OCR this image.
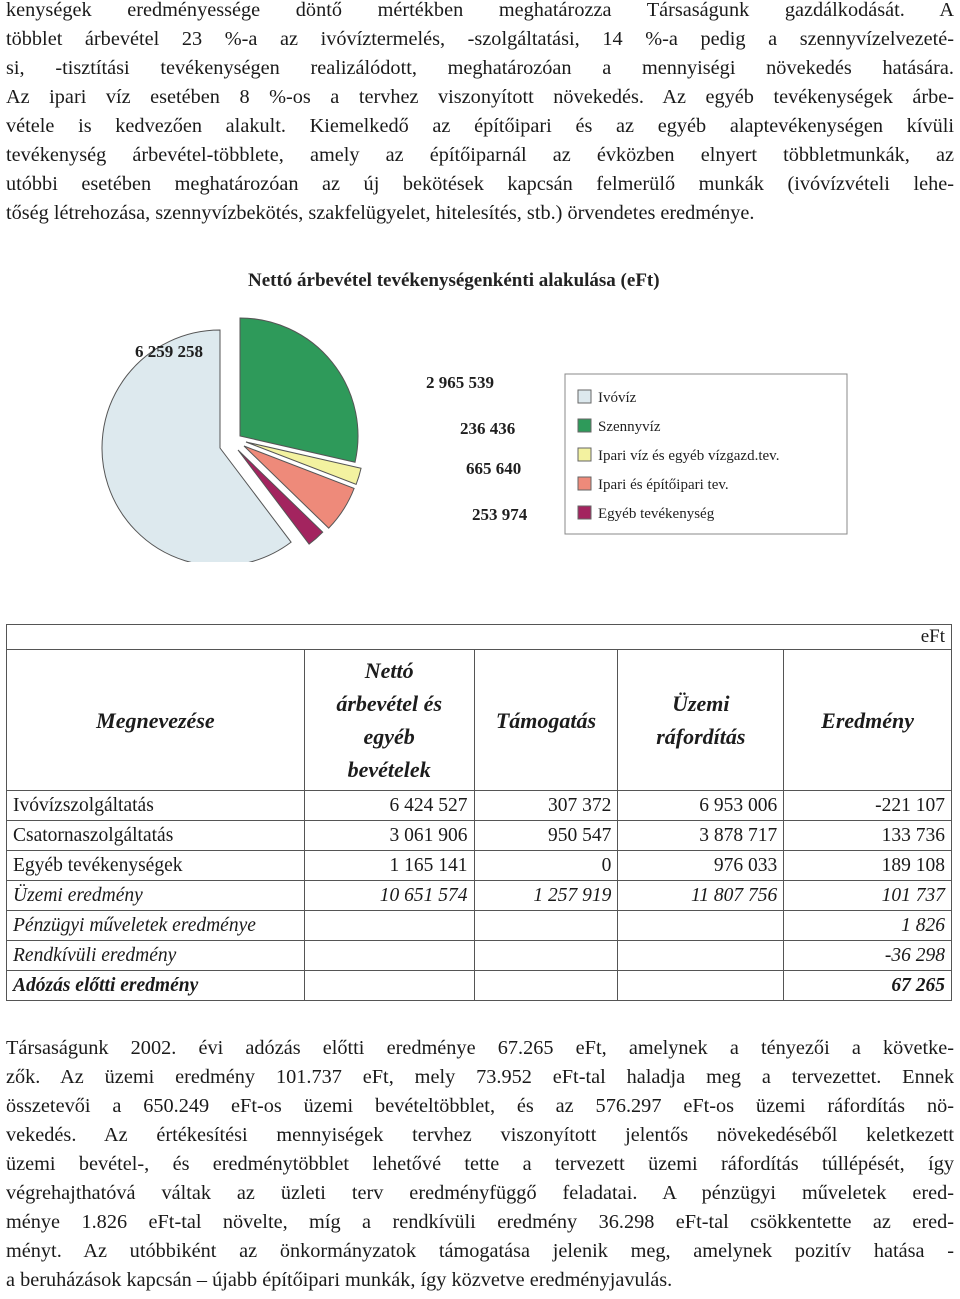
kenységek eredményessége döntő mértékben meghatározza Társaságunk gazdálkodását. A
többlet árbevétel 23 %-a az ivóvíztermelés, -szolgáltatási, 14 %-a pedig a szennyvízelvezeté-
si, -tisztítási tevékenységen realizálódott, meghatározóan a mennyiségi növekedés hatására.
Az ipari víz esetében 8 %-os a tervhez viszonyított növekedés. Az egyéb tevékenységek árbe-
vétele is kedvezően alakult. Kiemelkedő az építőipari és az egyéb alaptevékenységen kívüli
tevékenység árbevétel-többlete, amely az építőiparnál az évközben elnyert többletmunkák, az
utóbbi esetében meghatározóan az új bekötések kapcsán felmerülő munkák (ivóvízvételi lehe-
tőség létrehozása, szennyvízbekötés, szakfelügyelet, hitelesítés, stb.) örvendetes eredménye.
Nettó árbevétel tevékenységenkénti alakulása (eFt)
6 259 258
2 965 539
236 436
665 640
253 974
Ivóvíz
Szennyvíz
Ipari víz és egyéb vízgazd.tev.
Ipari és építőipari tev.
Egyéb tevékenység
eFt				
Megnevezése	Nettó árbevétel és egyéb bevételek	Támogatás	Üzemi ráfordítás	Eredmény
Ivóvízszolgáltatás	6 424 527	307 372	6 953 006	-221 107
Csatornaszolgáltatás	3 061 906	950 547	3 878 717	133 736
Egyéb tevékenységek	1 165 141	0	976 033	189 108
Üzemi eredmény	10 651 574	1 257 919	11 807 756	101 737
Pénzügyi műveletek eredménye				1 826
Rendkívüli eredmény				-36 298
Adózás előtti eredmény				67 265
Társaságunk 2002. évi adózás előtti eredménye 67.265 eFt, amelynek a tényezői a követke-
zők. Az üzemi eredmény 101.737 eFt, mely 73.952 eFt-tal haladja meg a tervezettet. Ennek
összetevői a 650.249 eFt-os üzemi bevételtöbblet, és az 576.297 eFt-os üzemi ráfordítás nö-
vekedés. Az értékesítési mennyiségek tervhez viszonyított jelentős növekedéséből keletkezett
üzemi bevétel-, és eredménytöbblet lehetővé tette a tervezett üzemi ráfordítás túllépését, így
végrehajthatóvá váltak az üzleti terv eredményfüggő feladatai. A pénzügyi műveletek ered-
ménye 1.826 eFt-tal növelte, míg a rendkívüli eredmény 36.298 eFt-tal csökkentette az ered-
ményt. Az utóbbiként az önkormányzatok támogatása jelenik meg, amelynek pozitív hatása -
a beruházások kapcsán – újabb építőipari munkák, így közvetve eredményjavulás.
